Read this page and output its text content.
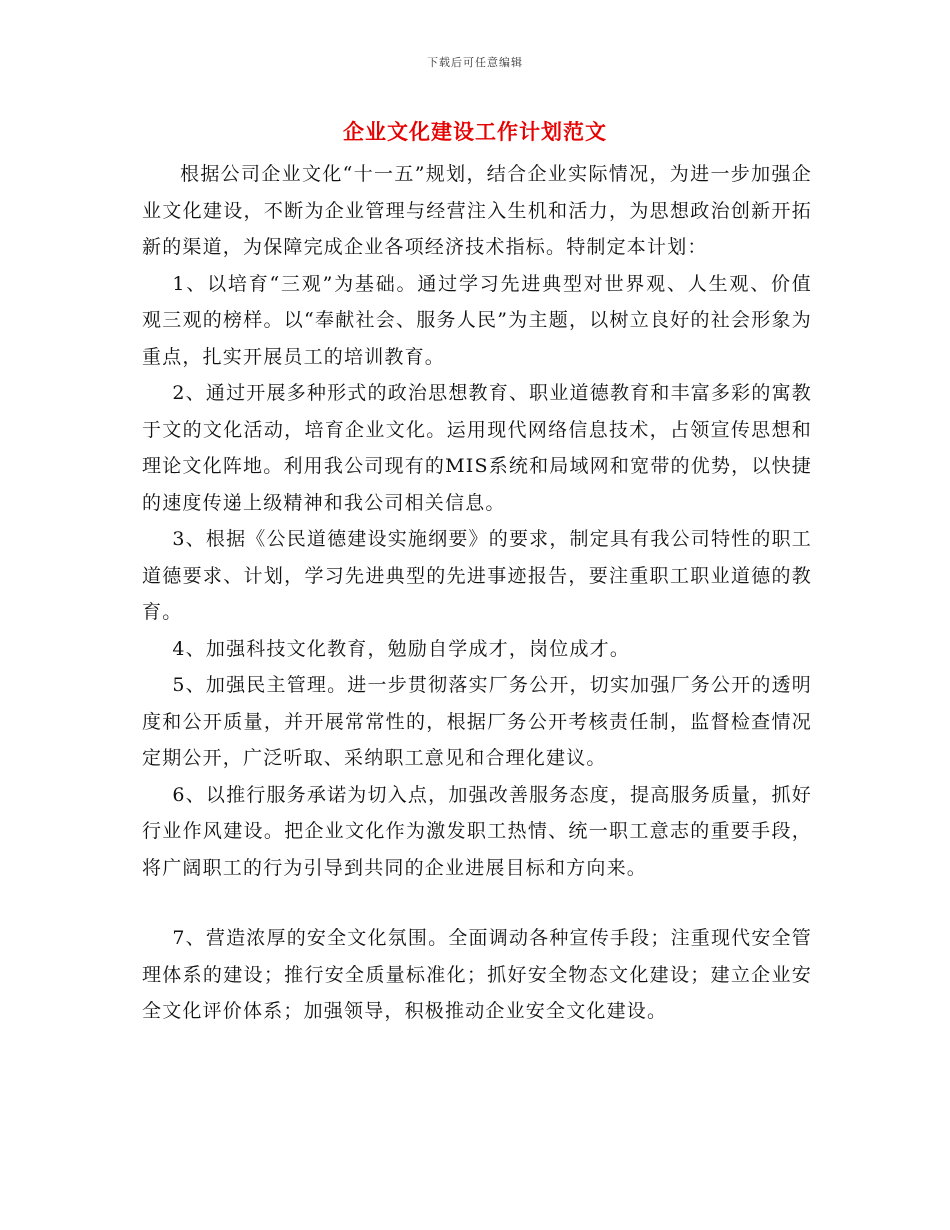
下载后可任意编辑
企业文化建设工作计划范文

根据公司企业文化“十一五”规划，结合企业实际情况，为进一步加强企业文化建设，不断为企业管理与经营注入生机和活力，为思想政治创新开拓新的渠道，为保障完成企业各项经济技术指标。特制定本计划：

1、以培育“三观”为基础。通过学习先进典型对世界观、人生观、价值观三观的榜样。以“奉献社会、服务人民”为主题，以树立良好的社会形象为重点，扎实开展员工的培训教育。

2、通过开展多种形式的政治思想教育、职业道德教育和丰富多彩的寓教于文的文化活动，培育企业文化。运用现代网络信息技术，占领宣传思想和理论文化阵地。利用我公司现有的MIS系统和局域网和宽带的优势，以快捷的速度传递上级精神和我公司相关信息。

3、根据《公民道德建设实施纲要》的要求，制定具有我公司特性的职工道德要求、计划，学习先进典型的先进事迹报告，要注重职工职业道德的教育。

4、加强科技文化教育，勉励自学成才，岗位成才。

5、加强民主管理。进一步贯彻落实厂务公开，切实加强厂务公开的透明度和公开质量，并开展常常性的，根据厂务公开考核责任制，监督检查情况定期公开，广泛听取、采纳职工意见和合理化建议。

6、以推行服务承诺为切入点，加强改善服务态度，提高服务质量，抓好行业作风建设。把企业文化作为激发职工热情、统一职工意志的重要手段，将广阔职工的行为引导到共同的企业进展目标和方向来。

7、营造浓厚的安全文化氛围。全面调动各种宣传手段；注重现代安全管理体系的建设；推行安全质量标准化；抓好安全物态文化建设；建立企业安全文化评价体系；加强领导，积极推动企业安全文化建设。
